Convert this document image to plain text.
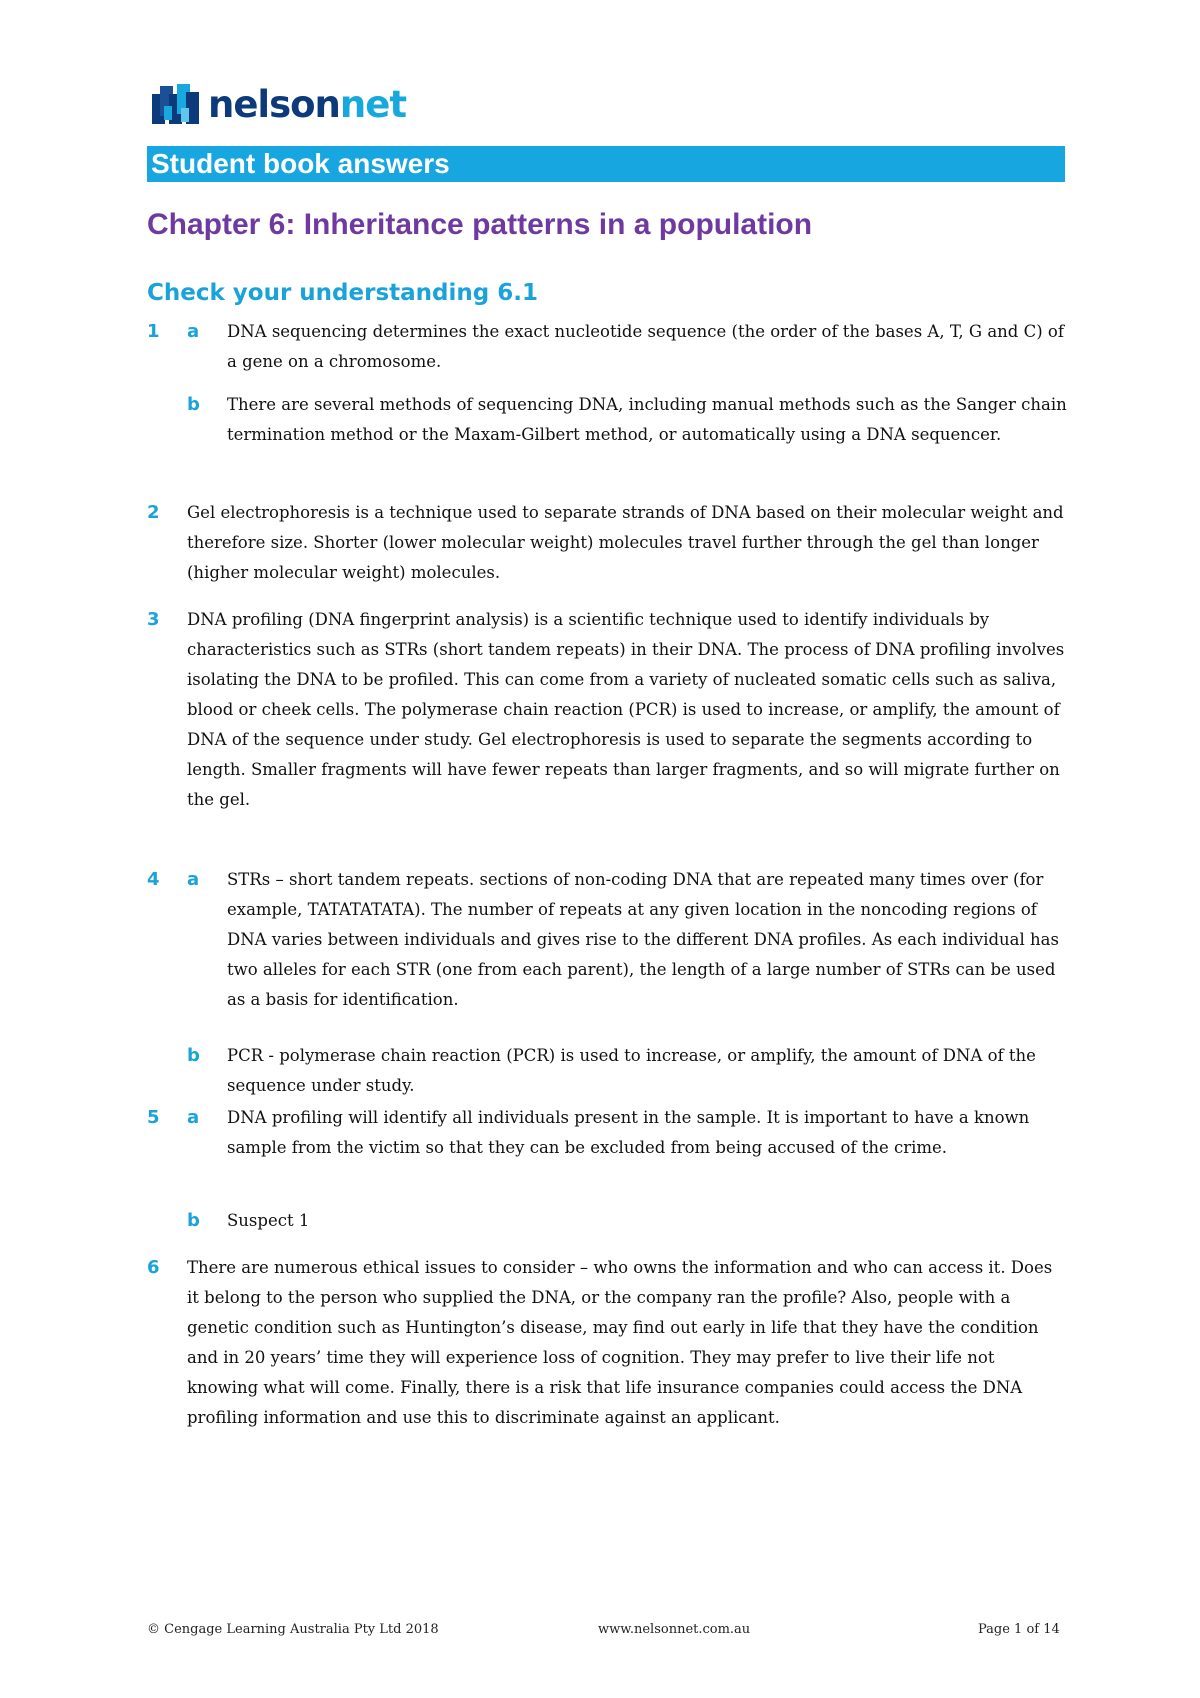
nelsonnet
Student book answers
Chapter 6: Inheritance patterns in a population
Check your understanding 6.1
1 a DNA sequencing determines the exact nucleotide sequence (the order of the bases A, T, G and C) of a gene on a chromosome.

b There are several methods of sequencing DNA, including manual methods such as the Sanger chain termination method or the Maxam-Gilbert method, or automatically using a DNA sequencer.

2 Gel electrophoresis is a technique used to separate strands of DNA based on their molecular weight and therefore size. Shorter (lower molecular weight) molecules travel further through the gel than longer (higher molecular weight) molecules.

3 DNA profiling (DNA fingerprint analysis) is a scientific technique used to identify individuals by characteristics such as STRs (short tandem repeats) in their DNA. The process of DNA profiling involves isolating the DNA to be profiled. This can come from a variety of nucleated somatic cells such as saliva, blood or cheek cells. The polymerase chain reaction (PCR) is used to increase, or amplify, the amount of DNA of the sequence under study. Gel electrophoresis is used to separate the segments according to length. Smaller fragments will have fewer repeats than larger fragments, and so will migrate further on the gel.

4 a STRs – short tandem repeats. sections of non-coding DNA that are repeated many times over (for example, TATATATATA). The number of repeats at any given location in the noncoding regions of DNA varies between individuals and gives rise to the different DNA profiles. As each individual has two alleles for each STR (one from each parent), the length of a large number of STRs can be used as a basis for identification.

b PCR - polymerase chain reaction (PCR) is used to increase, or amplify, the amount of DNA of the sequence under study.

5 a DNA profiling will identify all individuals present in the sample. It is important to have a known sample from the victim so that they can be excluded from being accused of the crime.

b Suspect 1

6 There are numerous ethical issues to consider – who owns the information and who can access it. Does it belong to the person who supplied the DNA, or the company ran the profile? Also, people with a genetic condition such as Huntington’s disease, may find out early in life that they have the condition and in 20 years’ time they will experience loss of cognition. They may prefer to live their life not knowing what will come. Finally, there is a risk that life insurance companies could access the DNA profiling information and use this to discriminate against an applicant.

© Cengage Learning Australia Pty Ltd 2018	www.nelsonnet.com.au	Page 1 of 14
